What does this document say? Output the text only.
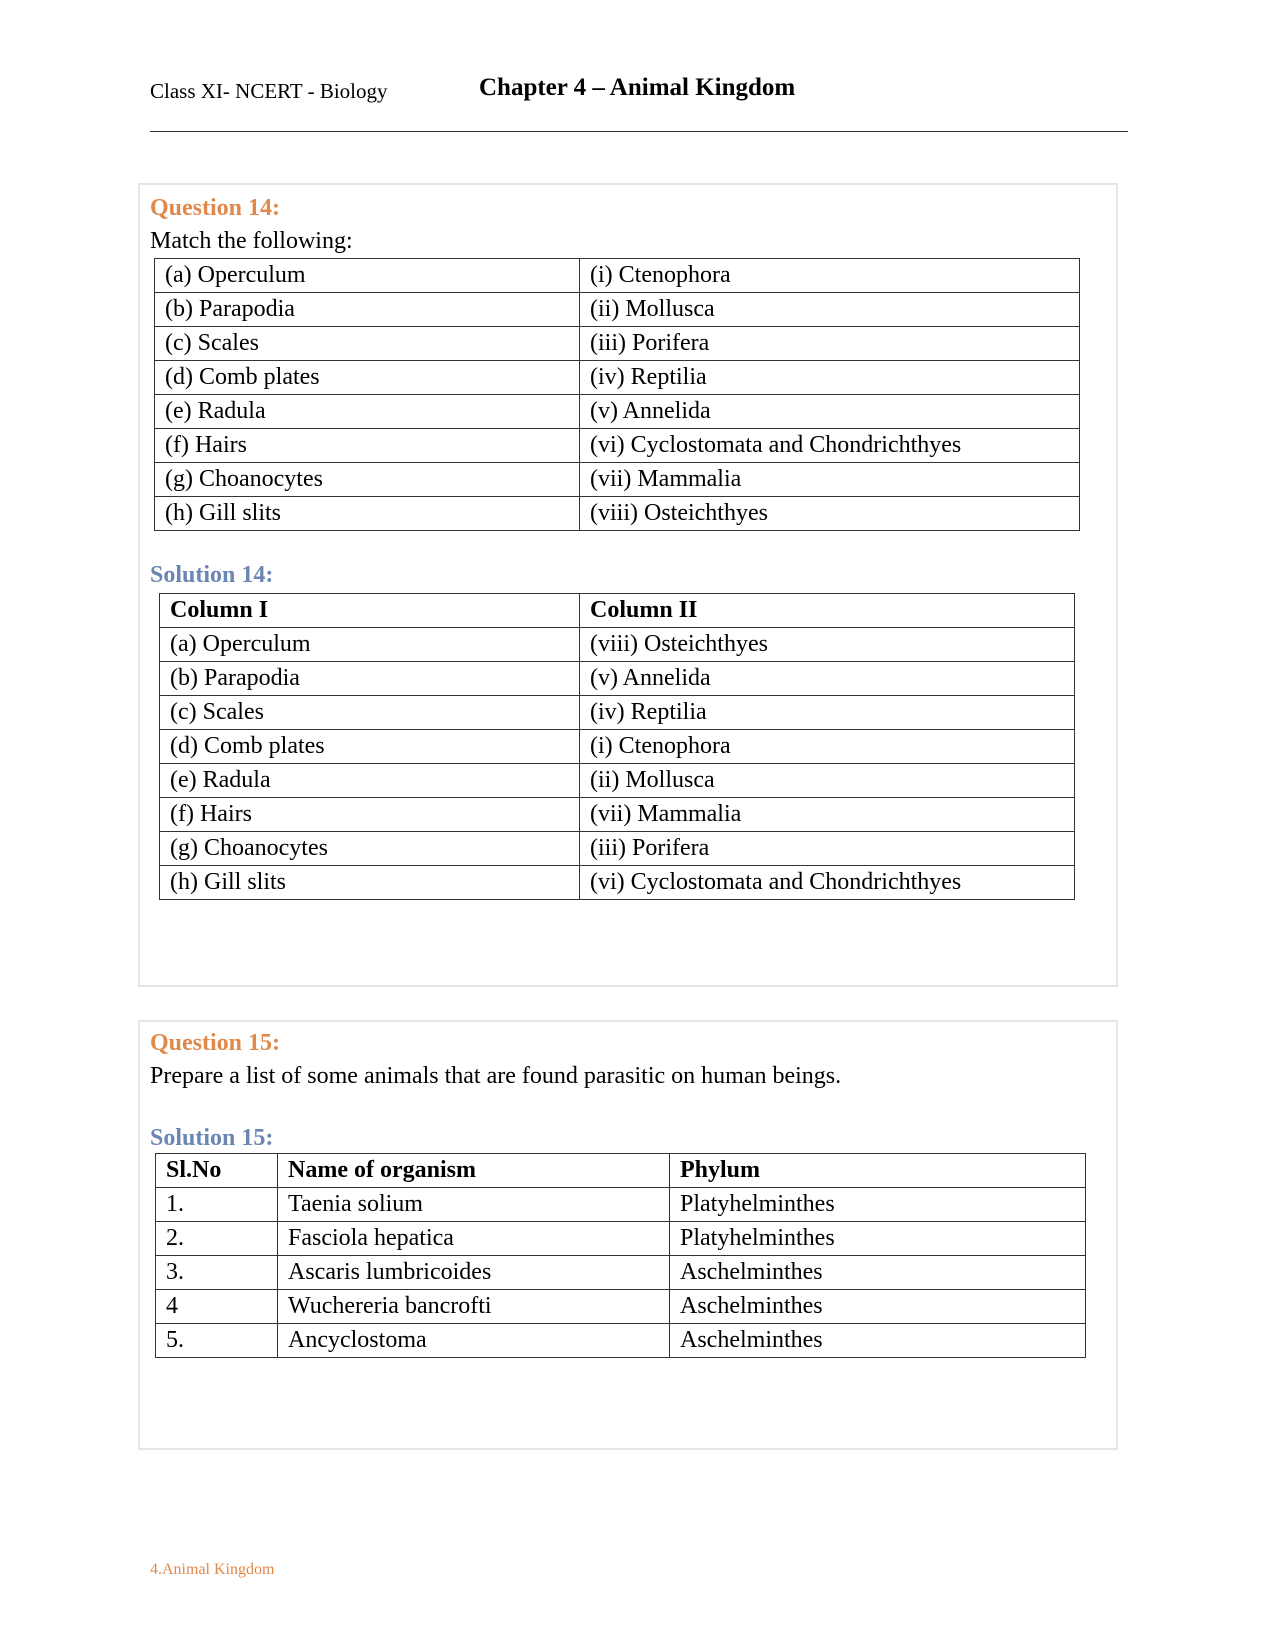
Class XI- NCERT - Biology	Chapter 4 – Animal Kingdom
Question 14:
Match the following:
(a) Operculum	(i) Ctenophora
(b) Parapodia	(ii) Mollusca
(c) Scales	(iii) Porifera
(d) Comb plates	(iv) Reptilia
(e) Radula	(v) Annelida
(f) Hairs	(vi) Cyclostomata and Chondrichthyes
(g) Choanocytes	(vii) Mammalia
(h) Gill slits	(viii) Osteichthyes
Solution 14:
Column I	Column II
(a) Operculum	(viii) Osteichthyes
(b) Parapodia	(v) Annelida
(c) Scales	(iv) Reptilia
(d) Comb plates	(i) Ctenophora
(e) Radula	(ii) Mollusca
(f) Hairs	(vii) Mammalia
(g) Choanocytes	(iii) Porifera
(h) Gill slits	(vi) Cyclostomata and Chondrichthyes
Question 15:
Prepare a list of some animals that are found parasitic on human beings.
Solution 15:
Sl.No	Name of organism	Phylum
1.	Taenia solium	Platyhelminthes
2.	Fasciola hepatica	Platyhelminthes
3.	Ascaris lumbricoides	Aschelminthes
4	Wuchereria bancrofti	Aschelminthes
5.	Ancyclostoma	Aschelminthes
4.Animal Kingdom
